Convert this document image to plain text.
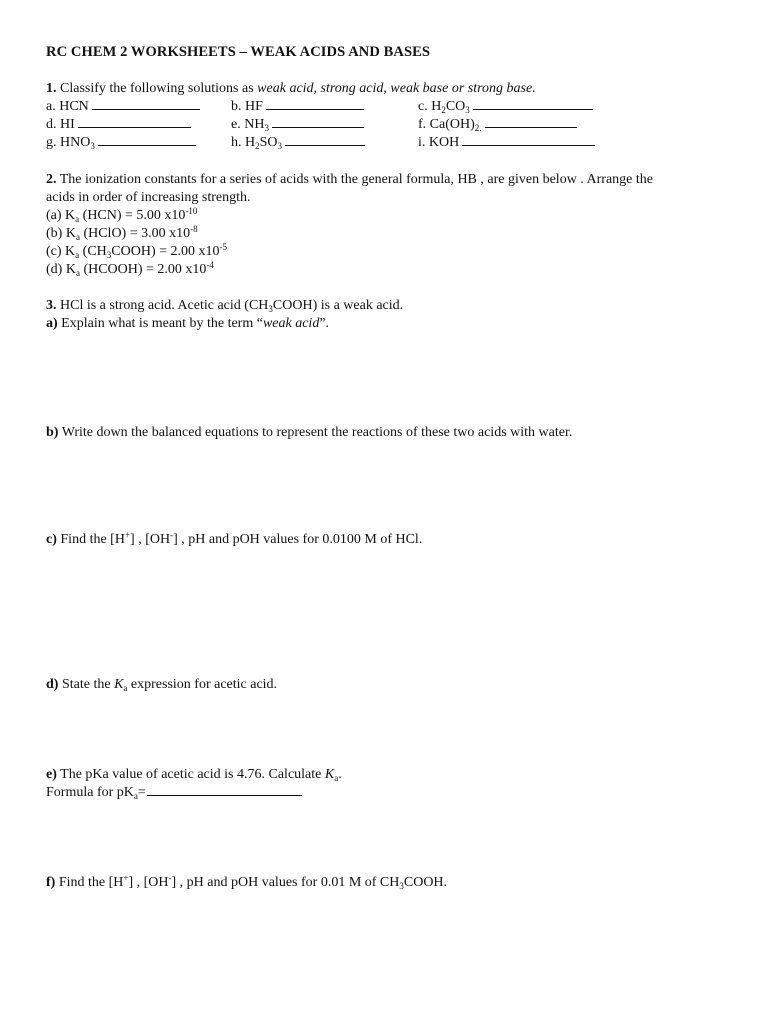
RC CHEM 2 WORKSHEETS – WEAK ACIDS AND BASES
1. Classify the following solutions as weak acid, strong acid, weak base or strong base.
a. HCN	b. HF	c. $H_2CO_3$
d. HI	e. $NH_3$	f. $Ca(OH)_{2.}$
g. $HNO_3$	h. $H_2SO_3$	i. KOH
2. The ionization constants for a series of acids with the general formula, HB , are given below . Arrange the
acids in order of increasing strength.
(a) $K_a$ (HCN) = 5.00 $x10^{-10}$
(b) $K_a$ (HClO) = 3.00 $x10^{-8}$
(c) $K_a$ $(CH_3COOH) = 2.00$ $x10^{-5}$
(d) $K_a$ (HCOOH) = 2.00 $x10^{-4}$
3. HCl is a strong acid. Acetic acid $(CH_3COOH)$ is a weak acid.
a) Explain what is meant by the term “weak acid”.
b) Write down the balanced equations to represent the reactions of these two acids with water.
c) Find the [H+] , [OH-] , pH and pOH values for 0.0100 M of HCl.
d) State the $K_a$ expression for acetic acid.
e) The pKa value of acetic acid is 4.76. Calculate $K_a$.
Formula for $pK_a=$
f) Find the [H+] , [OH-] , pH and pOH values for 0.01 M of $CH_3COOH$.
